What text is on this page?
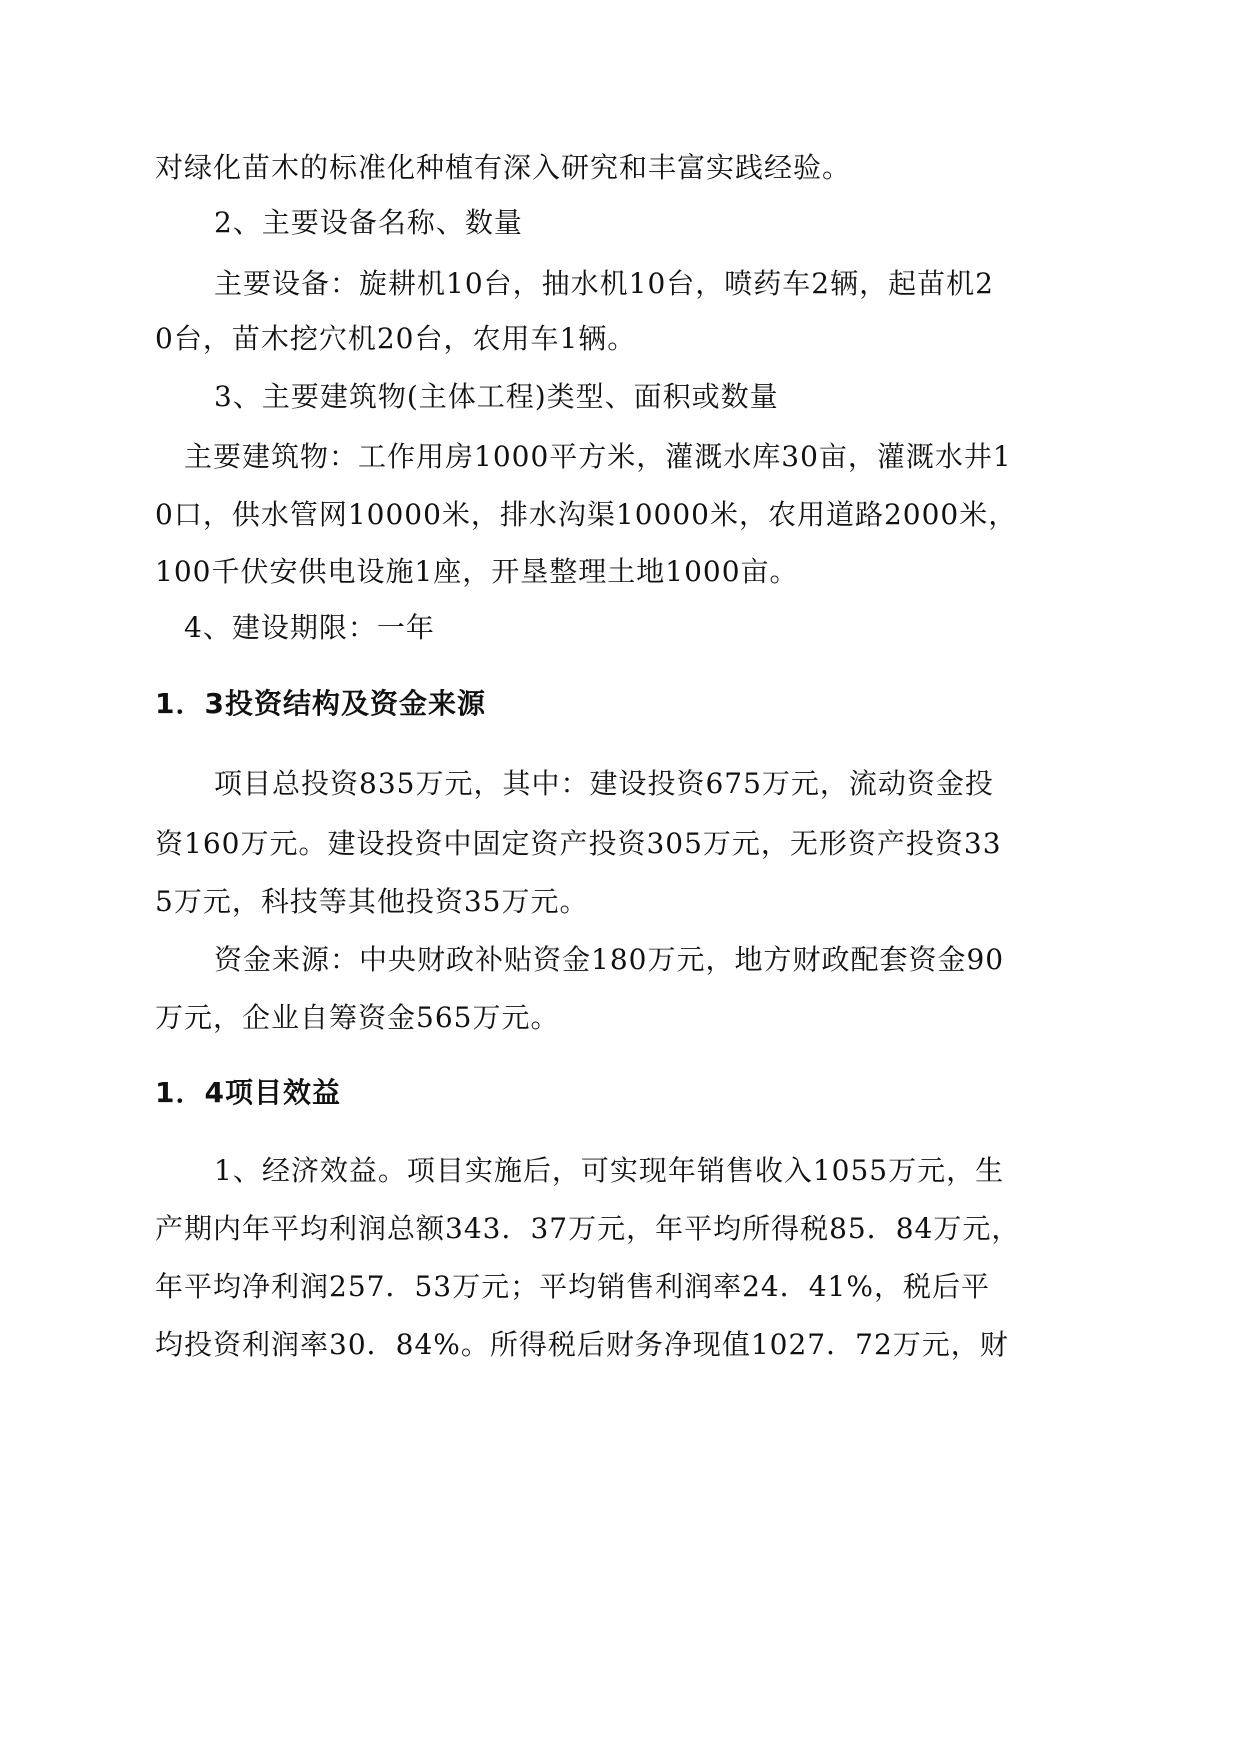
对绿化苗木的标准化种植有深入研究和丰富实践经验。
2、主要设备名称、数量
主要设备：旋耕机10台，抽水机10台，喷药车2辆，起苗机2
0台，苗木挖穴机20台，农用车1辆。
3、主要建筑物(主体工程)类型、面积或数量
主要建筑物：工作用房1000平方米，灌溉水库30亩，灌溉水井1
0口，供水管网10000米，排水沟渠10000米，农用道路2000米，
100千伏安供电设施1座，开垦整理土地1000亩。
4、建设期限：一年
1．3投资结构及资金来源
项目总投资835万元，其中：建设投资675万元，流动资金投
资160万元。建设投资中固定资产投资305万元，无形资产投资33
5万元，科技等其他投资35万元。
资金来源：中央财政补贴资金180万元，地方财政配套资金90
万元，企业自筹资金565万元。
1．4项目效益
1、经济效益。项目实施后，可实现年销售收入1055万元，生
产期内年平均利润总额343．37万元，年平均所得税85．84万元，
年平均净利润257．53万元；平均销售利润率24．41%，税后平
均投资利润率30．84%。所得税后财务净现值1027．72万元，财
